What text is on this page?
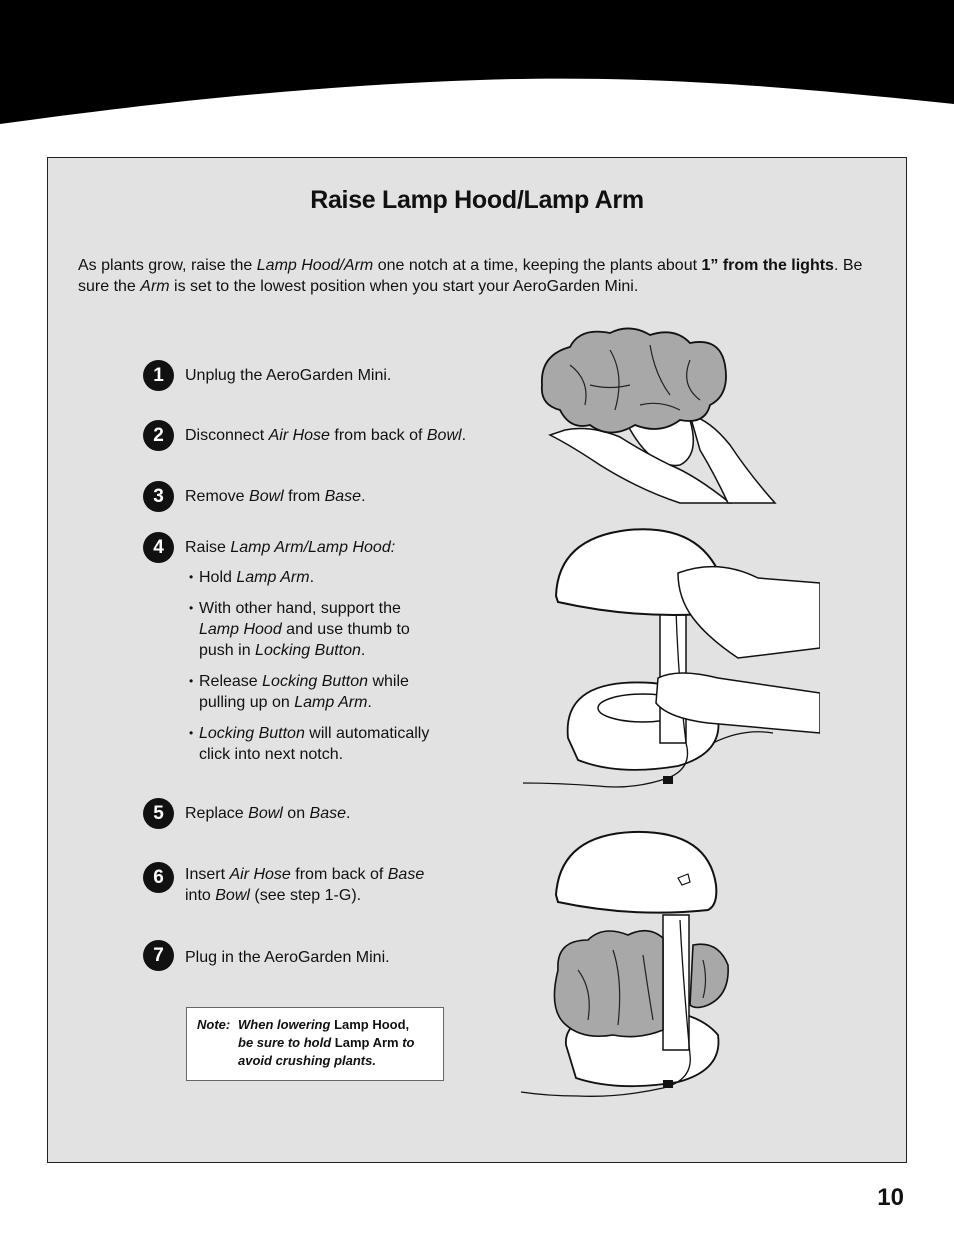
Raise Lamp Hood/Lamp Arm
As plants grow, raise the Lamp Hood/Arm one notch at a time, keeping the plants about 1” from the lights. Be sure the Arm is set to the lowest position when you start your AeroGarden Mini.
1	Unplug the AeroGarden Mini.
2	Disconnect Air Hose from back of Bowl.
3	Remove Bowl from Base.
4	Raise Lamp Arm/Lamp Hood:
• Hold Lamp Arm.
• With other hand, support the
Lamp Hood and use thumb to
push in Locking Button.
• Release Locking Button while
pulling up on Lamp Arm.
• Locking Button will automatically
click into next notch.
5	Replace Bowl on Base.
6	Insert Air Hose from back of Base
into Bowl (see step 1-G).
7	Plug in the AeroGarden Mini.
Note: When lowering Lamp Hood,
be sure to hold Lamp Arm to
avoid crushing plants.
10
